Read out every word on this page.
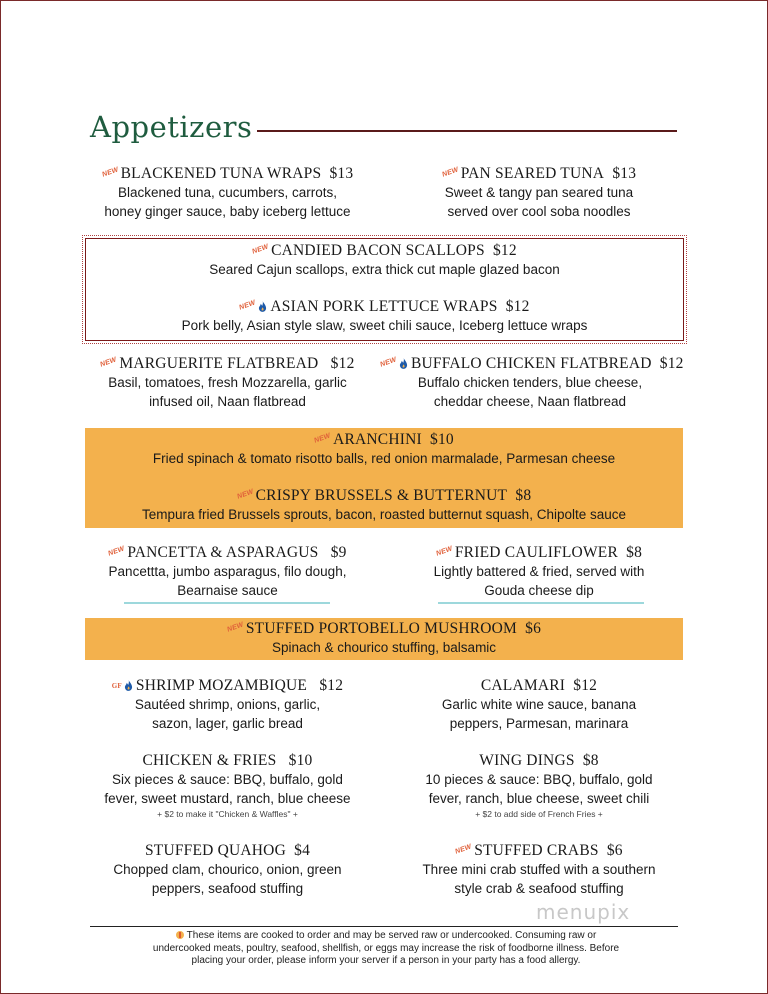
Appetizers
NEWBLACKENED TUNA WRAPS $13
Blackened tuna, cucumbers, carrots,
honey ginger sauce, baby iceberg lettuce
NEWPAN SEARED TUNA $13
Sweet & tangy pan seared tuna
served over cool soba noodles
NEWCANDIED BACON SCALLOPS $12
Seared Cajun scallops, extra thick cut maple glazed bacon
NEW ASIAN PORK LETTUCE WRAPS $12
Pork belly, Asian style slaw, sweet chili sauce, Iceberg lettuce wraps
NEWMARGUERITE FLATBREAD $12
Basil, tomatoes, fresh Mozzarella, garlic
infused oil, Naan flatbread
NEW BUFFALO CHICKEN FLATBREAD $12
Buffalo chicken tenders, blue cheese,
cheddar cheese, Naan flatbread
NEWARANCHINI $10
Fried spinach & tomato risotto balls, red onion marmalade, Parmesan cheese
NEWCRISPY BRUSSELS & BUTTERNUT $8
Tempura fried Brussels sprouts, bacon, roasted butternut squash, Chipolte sauce
NEWPANCETTA & ASPARAGUS $9
Pancettta, jumbo asparagus, filo dough,
Bearnaise sauce
NEWFRIED CAULIFLOWER $8
Lightly battered & fried, served with
Gouda cheese dip
NEWSTUFFED PORTOBELLO MUSHROOM $6
Spinach & chourico stuffing, balsamic
GF SHRIMP MOZAMBIQUE $12
Sautéed shrimp, onions, garlic,
sazon, lager, garlic bread
CALAMARI $12
Garlic white wine sauce, banana
peppers, Parmesan, marinara
CHICKEN & FRIES $10
Six pieces & sauce: BBQ, buffalo, gold
fever, sweet mustard, ranch, blue cheese
+ $2 to make it "Chicken & Waffles" +
WING DINGS $8
10 pieces & sauce: BBQ, buffalo, gold
fever, ranch, blue cheese, sweet chili
+ $2 to add side of French Fries +
STUFFED QUAHOG $4
Chopped clam, chourico, onion, green
peppers, seafood stuffing
NEWSTUFFED CRABS $6
Three mini crab stuffed with a southern
style crab & seafood stuffing
menupix
These items are cooked to order and may be served raw or undercooked. Consuming raw or
undercooked meats, poultry, seafood, shellfish, or eggs may increase the risk of foodborne illness. Before
placing your order, please inform your server if a person in your party has a food allergy.
